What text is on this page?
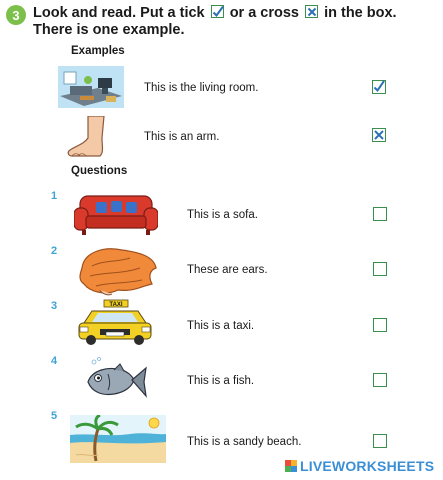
3 Look and read. Put a tick or a cross in the box. There is one example.
Examples
This is the living room.
This is an arm.
Questions
1
This is a sofa.
2
These are ears.
3	TAXI
This is a taxi.
4
This is a fish.
5
This is a sandy beach.
LIVEWORKSHEETS
